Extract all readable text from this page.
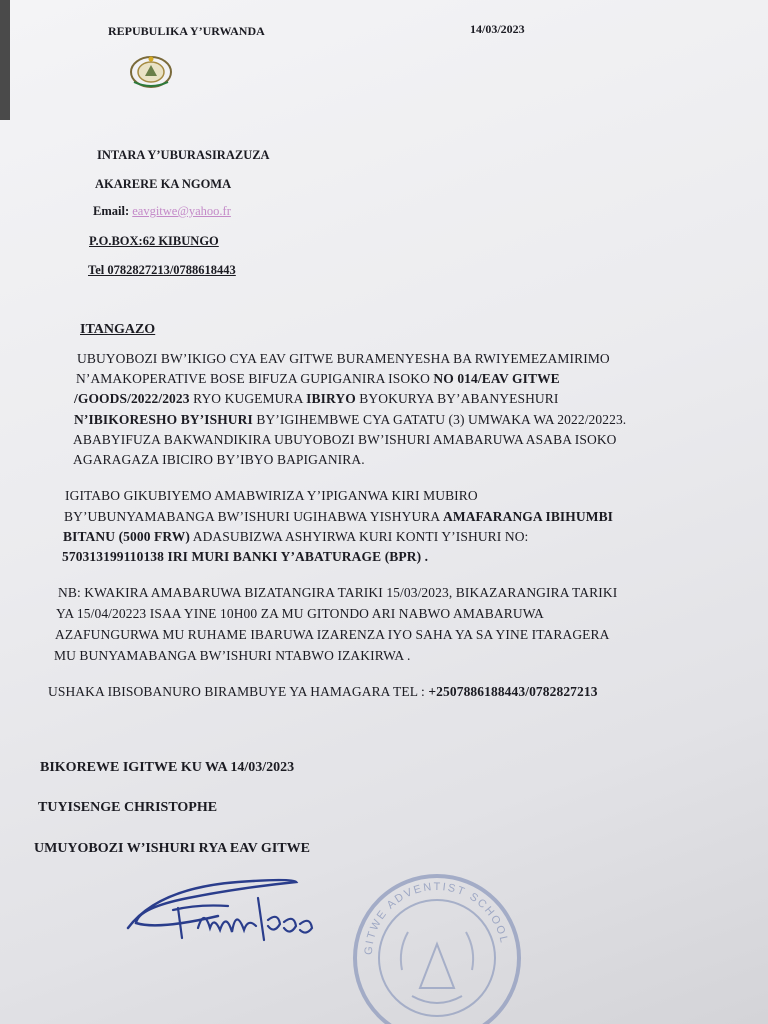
REPUBULIKA Y’URWANDA	14/03/2023
INTARA Y’UBURASIRAZUZA
AKARERE KA NGOMA
Email: eavgitwe@yahoo.fr
P.O.BOX:62 KIBUNGO
Tel 0782827213/0788618443
ITANGAZO
UBUYOBOZI BW’IKIGO CYA EAV GITWE BURAMENYESHA BA RWIYEMEZAMIRIMO
N’AMAKOPERATIVE BOSE BIFUZA GUPIGANIRA ISOKO NO 014/EAV GITWE
/GOODS/2022/2023 RYO KUGEMURA IBIRYO BYOKURYA BY’ABANYESHURI
N’IBIKORESHO BY’ISHURI BY’IGIHEMBWE CYA GATATU (3) UMWAKA WA 2022/20223.
ABABYIFUZA BAKWANDIKIRA UBUYOBOZI BW’ISHURI AMABARUWA ASABA ISOKO
AGARAGAZA IBICIRO BY’IBYO BAPIGANIRA.
IGITABO GIKUBIYEMO AMABWIRIZA Y’IPIGANWA KIRI MUBIRO
BY’UBUNYAMABANGA BW’ISHURI UGIHABWA YISHYURA AMAFARANGA IBIHUMBI
BITANU (5000 FRW) ADASUBIZWA ASHYIRWA KURI KONTI Y’ISHURI NO:
570313199110138 IRI MURI BANKI Y’ABATURAGE (BPR) .
NB: KWAKIRA AMABARUWA BIZATANGIRA TARIKI 15/03/2023, BIKAZARANGIRA TARIKI
YA 15/04/20223 ISAA YINE 10H00 ZA MU GITONDO ARI NABWO AMABARUWA
AZAFUNGURWA MU RUHAME IBARUWA IZARENZA IYO SAHA YA SA YINE ITARAGERA
MU BUNYAMABANGA BW’ISHURI NTABWO IZAKIRWA .
USHAKA IBISOBANURO BIRAMBUYE YA HAMAGARA TEL : +2507886188443/0782827213
BIKOREWE IGITWE KU WA 14/03/2023
TUYISENGE CHRISTOPHE
UMUYOBOZI W’ISHURI RYA EAV GITWE
GITWE ADVENTIST SCHOOL
